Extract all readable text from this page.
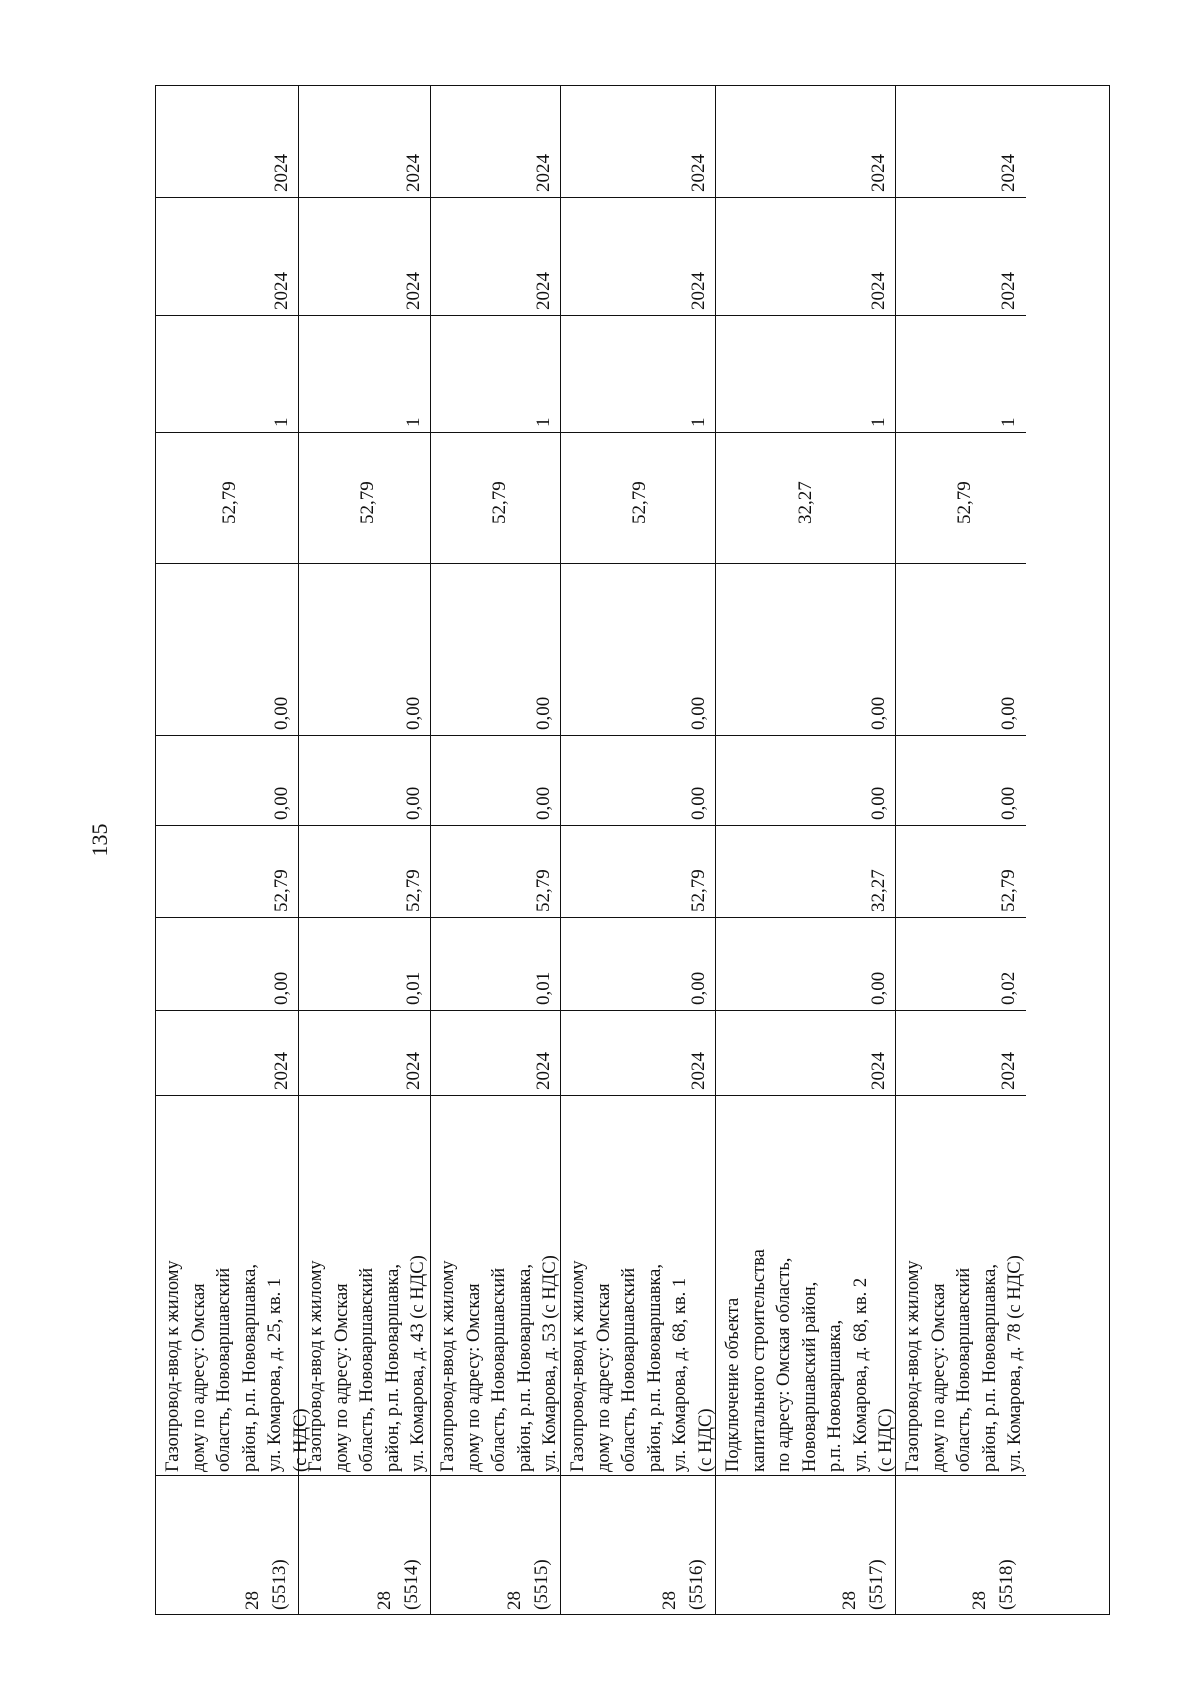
135
28 (5513)
Газопровод-ввод к жилому дому по адресу: Омская область, Нововаршавский район, р.п. Нововаршавка, ул. Комарова, д. 25, кв. 1 (с НДС)
2024
0,00
52,79
0,00
0,00
52,79
1
2024
2024
28 (5514)
Газопровод-ввод к жилому дому по адресу: Омская область, Нововаршавский район, р.п. Нововаршавка, ул. Комарова, д. 43 (с НДС)
2024
0,01
52,79
0,00
0,00
52,79
1
2024
2024
28 (5515)
Газопровод-ввод к жилому дому по адресу: Омская область, Нововаршавский район, р.п. Нововаршавка, ул. Комарова, д. 53 (с НДС)
2024
0,01
52,79
0,00
0,00
52,79
1
2024
2024
28 (5516)
Газопровод-ввод к жилому дому по адресу: Омская область, Нововаршавский район, р.п. Нововаршавка, ул. Комарова, д. 68, кв. 1 (с НДС)
2024
0,00
52,79
0,00
0,00
52,79
1
2024
2024
28 (5517)
Подключение объекта капитального строительства по адресу: Омская область, Нововаршавский район, р.п. Нововаршавка, ул. Комарова, д. 68, кв. 2 (с НДС)
2024
0,00
32,27
0,00
0,00
32,27
1
2024
2024
28 (5518)
Газопровод-ввод к жилому дому по адресу: Омская область, Нововаршавский район, р.п. Нововаршавка, ул. Комарова, д. 78 (с НДС)
2024
0,02
52,79
0,00
0,00
52,79
1
2024
2024
